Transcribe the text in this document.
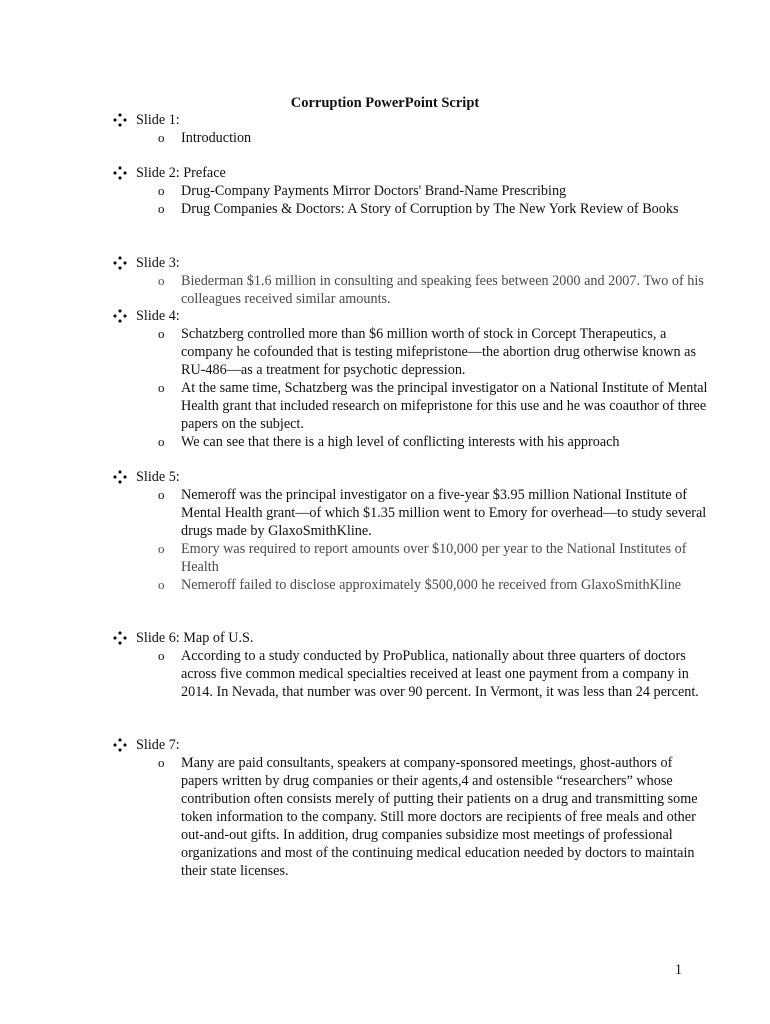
Corruption PowerPoint Script
Slide 1:
o Introduction
Slide 2: Preface
o Drug-Company Payments Mirror Doctors' Brand-Name Prescribing
o Drug Companies & Doctors: A Story of Corruption by The New York Review of Books
Slide 3:
o Biederman $1.6 million in consulting and speaking fees between 2000 and 2007. Two of his colleagues received similar amounts.
Slide 4:
o Schatzberg controlled more than $6 million worth of stock in Corcept Therapeutics, a company he cofounded that is testing mifepristone—the abortion drug otherwise known as RU-486—as a treatment for psychotic depression.
o At the same time, Schatzberg was the principal investigator on a National Institute of Mental Health grant that included research on mifepristone for this use and he was coauthor of three papers on the subject.
o We can see that there is a high level of conflicting interests with his approach
Slide 5:
o Nemeroff was the principal investigator on a five-year $3.95 million National Institute of Mental Health grant—of which $1.35 million went to Emory for overhead—to study several drugs made by GlaxoSmithKline.
o Emory was required to report amounts over $10,000 per year to the National Institutes of Health
o Nemeroff failed to disclose approximately $500,000 he received from GlaxoSmithKline
Slide 6: Map of U.S.
o According to a study conducted by ProPublica, nationally about three quarters of doctors across five common medical specialties received at least one payment from a company in 2014. In Nevada, that number was over 90 percent. In Vermont, it was less than 24 percent.
Slide 7:
o Many are paid consultants, speakers at company-sponsored meetings, ghost-authors of papers written by drug companies or their agents,4 and ostensible “researchers” whose contribution often consists merely of putting their patients on a drug and transmitting some token information to the company. Still more doctors are recipients of free meals and other out-and-out gifts. In addition, drug companies subsidize most meetings of professional organizations and most of the continuing medical education needed by doctors to maintain their state licenses.
1
